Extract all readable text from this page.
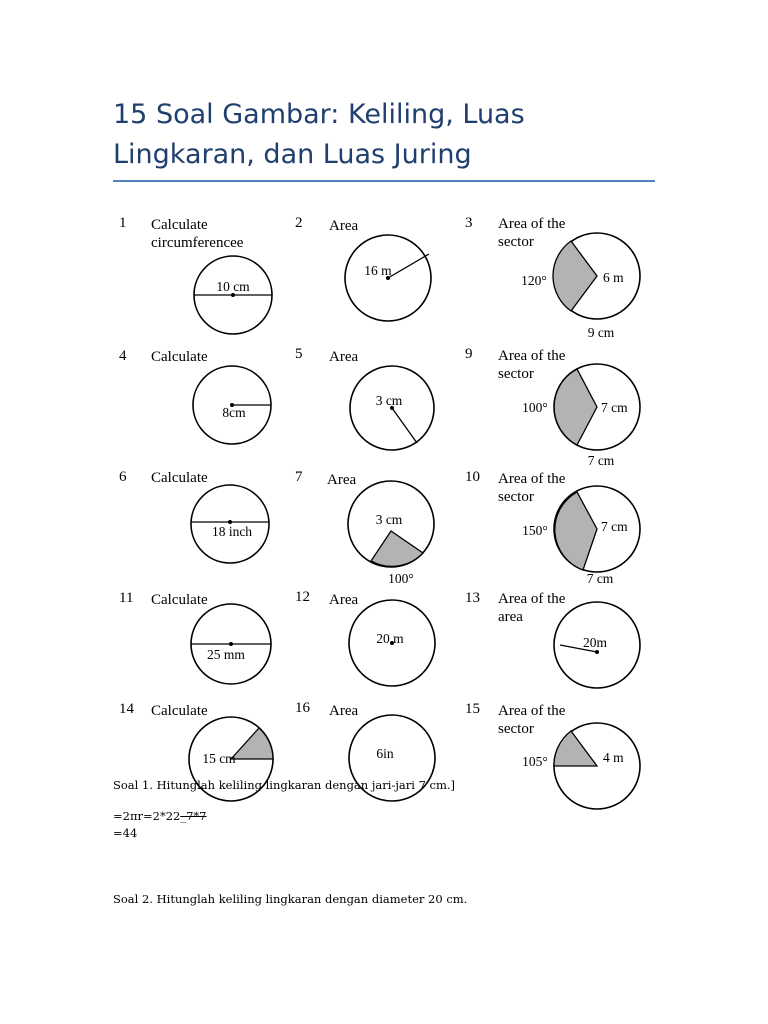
15 Soal Gambar: Keliling, Luas Lingkaran, dan Luas Juring
1 Calculate
circumferencee
10 cm
2 Area
16 m
3 Area of the
sector
120°	6 m
9 cm
4 Calculate
8cm
5 Area
3 cm
9 Area of the
sector
100°	7 cm
7 cm
6 Calculate
18 inch
7 Area
3 cm
100°
10 Area of the
sector
150°	7 cm
7 cm
11 Calculate
25 mm
12 Area
20 m
13 Area of the
area
20m
14 Calculate
15 cm
16 Area
6in
15 Area of the
sector
105°	4 m

Soal 1. Hitunglah keliling lingkaran dengan jari-jari 7 cm.]

=2πr=2*22_7*7

=44

Soal 2. Hitunglah keliling lingkaran dengan diameter 20 cm.
